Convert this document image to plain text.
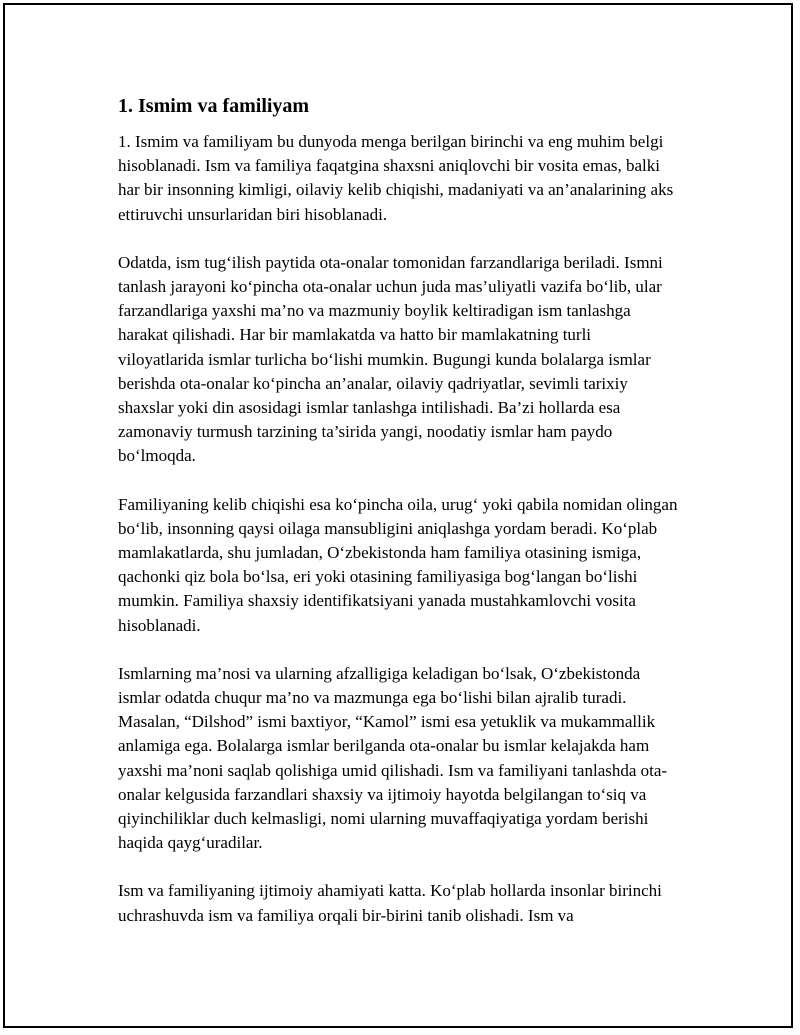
1. Ismim va familiyam

1. Ismim va familiyam bu dunyoda menga berilgan birinchi va eng muhim belgi hisoblanadi. Ism va familiya faqatgina shaxsni aniqlovchi bir vosita emas, balki har bir insonning kimligi, oilaviy kelib chiqishi, madaniyati va an’analarining aks ettiruvchi unsurlaridan biri hisoblanadi.

Odatda, ism tug‘ilish paytida ota-onalar tomonidan farzandlariga beriladi. Ismni tanlash jarayoni ko‘pincha ota-onalar uchun juda mas’uliyatli vazifa bo‘lib, ular farzandlariga yaxshi ma’no va mazmuniy boylik keltiradigan ism tanlashga harakat qilishadi. Har bir mamlakatda va hatto bir mamlakatning turli viloyatlarida ismlar turlicha bo‘lishi mumkin. Bugungi kunda bolalarga ismlar berishda ota-onalar ko‘pincha an’analar, oilaviy qadriyatlar, sevimli tarixiy shaxslar yoki din asosidagi ismlar tanlashga intilishadi. Ba’zi hollarda esa zamonaviy turmush tarzining ta’sirida yangi, noodatiy ismlar ham paydo bo‘lmoqda.

Familiyaning kelib chiqishi esa ko‘pincha oila, urug‘ yoki qabila nomidan olingan bo‘lib, insonning qaysi oilaga mansubligini aniqlashga yordam beradi. Ko‘plab mamlakatlarda, shu jumladan, O‘zbekistonda ham familiya otasining ismiga, qachonki qiz bola bo‘lsa, eri yoki otasining familiyasiga bog‘langan bo‘lishi mumkin. Familiya shaxsiy identifikatsiyani yanada mustahkamlovchi vosita hisoblanadi.

Ismlarning ma’nosi va ularning afzalligiga keladigan bo‘lsak, O‘zbekistonda ismlar odatda chuqur ma’no va mazmunga ega bo‘lishi bilan ajralib turadi. Masalan, “Dilshod” ismi baxtiyor, “Kamol” ismi esa yetuklik va mukammallik anlamiga ega. Bolalarga ismlar berilganda ota-onalar bu ismlar kelajakda ham yaxshi ma’noni saqlab qolishiga umid qilishadi. Ism va familiyani tanlashda ota-onalar kelgusida farzandlari shaxsiy va ijtimoiy hayotda belgilangan to‘siq va qiyinchiliklar duch kelmasligi, nomi ularning muvaffaqiyatiga yordam berishi haqida qayg‘uradilar.

Ism va familiyaning ijtimoiy ahamiyati katta. Ko‘plab hollarda insonlar birinchi uchrashuvda ism va familiya orqali bir-birini tanib olishadi. Ism va
